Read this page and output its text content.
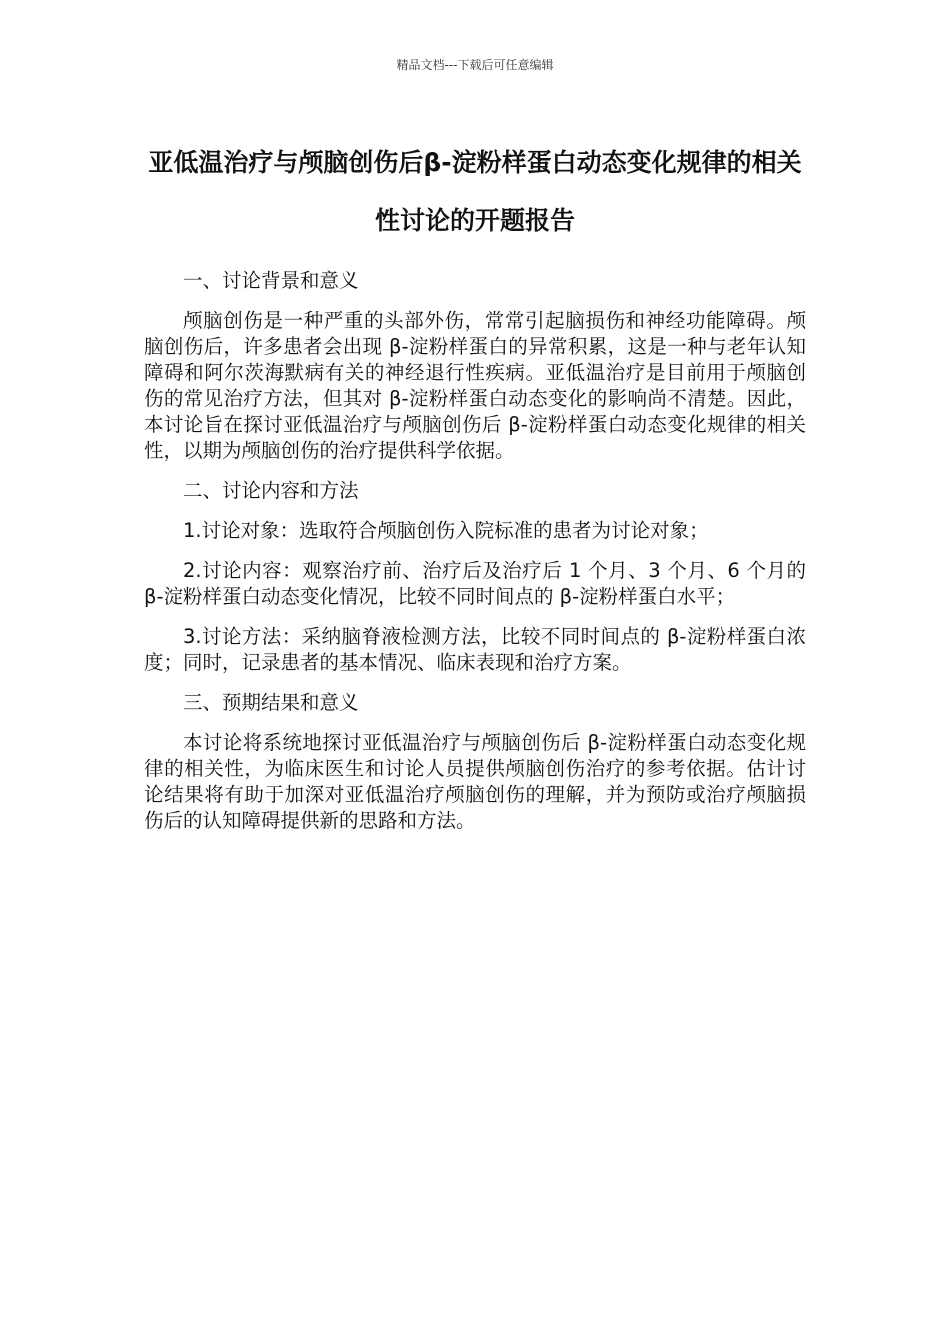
精品文档---下载后可任意编辑
亚低温治疗与颅脑创伤后β-淀粉样蛋白动态变化规律的相关性讨论的开题报告

一、讨论背景和意义

颅脑创伤是一种严重的头部外伤，常常引起脑损伤和神经功能障碍。颅脑创伤后，许多患者会出现 β-淀粉样蛋白的异常积累，这是一种与老年认知障碍和阿尔茨海默病有关的神经退行性疾病。亚低温治疗是目前用于颅脑创伤的常见治疗方法，但其对 β-淀粉样蛋白动态变化的影响尚不清楚。因此，本讨论旨在探讨亚低温治疗与颅脑创伤后 β-淀粉样蛋白动态变化规律的相关性，以期为颅脑创伤的治疗提供科学依据。

二、讨论内容和方法

1.讨论对象：选取符合颅脑创伤入院标准的患者为讨论对象；

2.讨论内容：观察治疗前、治疗后及治疗后 1 个月、3 个月、6 个月的 β-淀粉样蛋白动态变化情况，比较不同时间点的 β-淀粉样蛋白水平；

3.讨论方法：采纳脑脊液检测方法，比较不同时间点的 β-淀粉样蛋白浓度；同时，记录患者的基本情况、临床表现和治疗方案。

三、预期结果和意义

本讨论将系统地探讨亚低温治疗与颅脑创伤后 β-淀粉样蛋白动态变化规律的相关性，为临床医生和讨论人员提供颅脑创伤治疗的参考依据。估计讨论结果将有助于加深对亚低温治疗颅脑创伤的理解，并为预防或治疗颅脑损伤后的认知障碍提供新的思路和方法。
